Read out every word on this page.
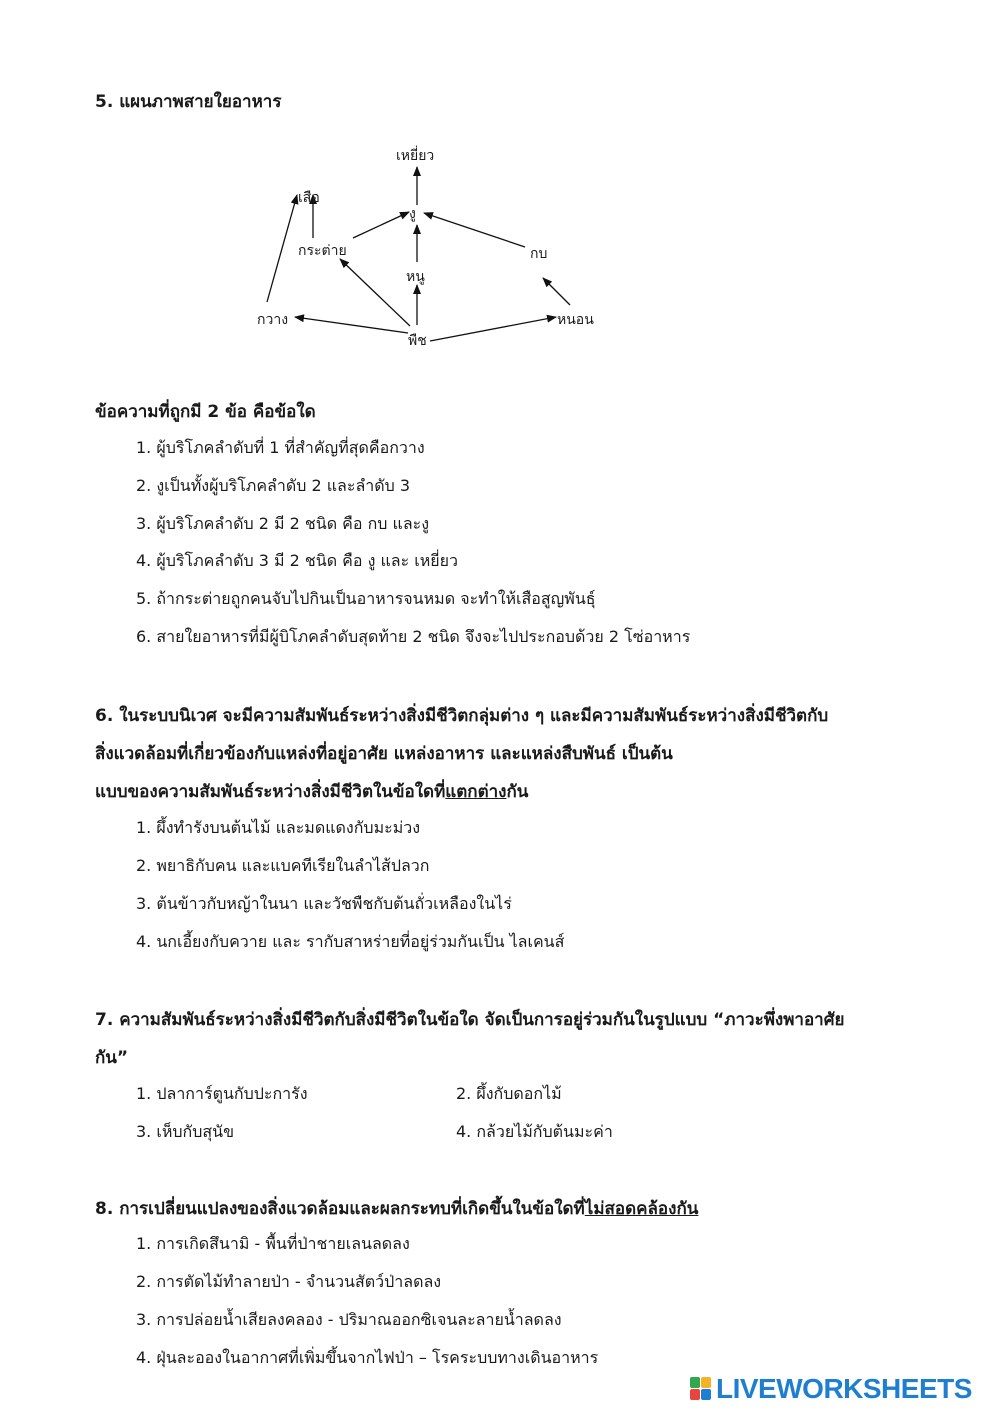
5. แผนภาพสายใยอาหาร
เหยี่ยว
เสือ
งู
กระต่าย	กบ
หนู
กวาง
พืช
หนอน
ข้อความที่ถูกมี 2 ข้อ คือข้อใด
1. ผู้บริโภคลำดับที่ 1 ที่สำคัญที่สุดคือกวาง
2. งูเป็นทั้งผู้บริโภคลำดับ 2 และลำดับ 3
3. ผู้บริโภคลำดับ 2 มี 2 ชนิด คือ กบ และงู
4. ผู้บริโภคลำดับ 3 มี 2 ชนิด คือ งู และ เหยี่ยว
5. ถ้ากระต่ายถูกคนจับไปกินเป็นอาหารจนหมด จะทำให้เสือสูญพันธุ์
6. สายใยอาหารที่มีผู้บิโภคลำดับสุดท้าย 2 ชนิด จึงจะไปประกอบด้วย 2 โซ่อาหาร
6. ในระบบนิเวศ จะมีความสัมพันธ์ระหว่างสิ่งมีชีวิตกลุ่มต่าง ๆ และมีความสัมพันธ์ระหว่างสิ่งมีชีวิตกับ
สิ่งแวดล้อมที่เกี่ยวข้องกับแหล่งที่อยู่อาศัย แหล่งอาหาร และแหล่งสืบพันธ์ เป็นต้น
แบบของความสัมพันธ์ระหว่างสิ่งมีชีวิตในข้อใดที่แตกต่างกัน
1. ผึ้งทำรังบนต้นไม้ และมดแดงกับมะม่วง
2. พยาธิกับคน และแบคทีเรียในลำไส้ปลวก
3. ต้นข้าวกับหญ้าในนา และวัชพืชกับต้นถั่วเหลืองในไร่
4. นกเอี้ยงกับควาย และ รากับสาหร่ายที่อยู่ร่วมกันเป็น ไลเคนส์
7. ความสัมพันธ์ระหว่างสิ่งมีชีวิตกับสิ่งมีชีวิตในข้อใด จัดเป็นการอยู่ร่วมกันในรูปแบบ “ภาวะพึ่งพาอาศัย
กัน”
1. ปลาการ์ตูนกับปะการัง	2. ผึ้งกับดอกไม้
3. เห็บกับสุนัข	4. กล้วยไม้กับต้นมะค่า
8. การเปลี่ยนแปลงของสิ่งแวดล้อมและผลกระทบที่เกิดขึ้นในข้อใดที่ไม่สอดคล้องกัน
1. การเกิดสึนามิ - พื้นที่ป่าชายเลนลดลง
2. การตัดไม้ทำลายป่า - จำนวนสัตว์ป่าลดลง
3. การปล่อยน้ำเสียลงคลอง - ปริมาณออกซิเจนละลายน้ำลดลง
4. ฝุ่นละอองในอากาศที่เพิ่มขึ้นจากไฟป่า – โรคระบบทางเดินอาหาร
LIVEWORKSHEETS
